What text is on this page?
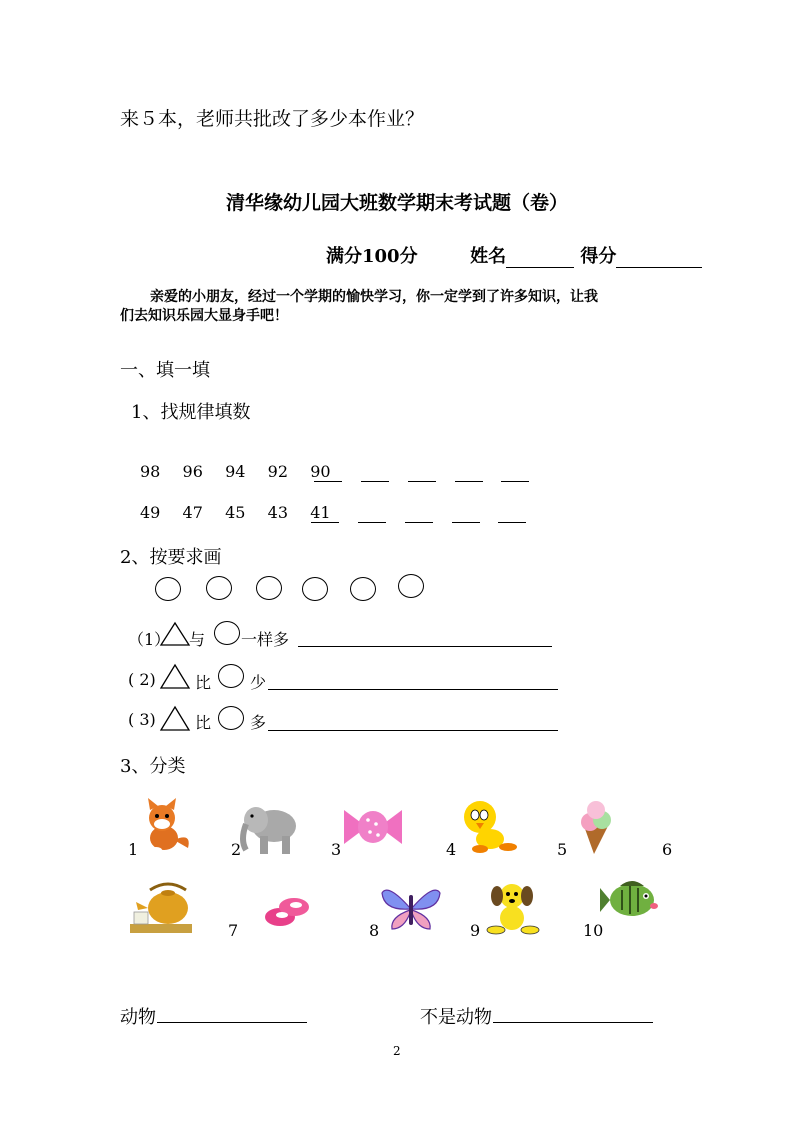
来５本，老师共批改了多少本作业？
清华缘幼儿园大班数学期末考试题（卷）
满分100分	姓名	得分
亲爱的小朋友，经过一个学期的愉快学习，你一定学到了许多知识，让我
们去知识乐园大显身手吧！
一、填一填
1、找规律填数
98 96 94 92 90
49 47 45 43 41
2、按要求画
（1） 与 一样多
( 2) 比 少
( 3) 比 多
3、分类
1	2	3	4	5	6
7	8	9	10
动物	不是动物
2
